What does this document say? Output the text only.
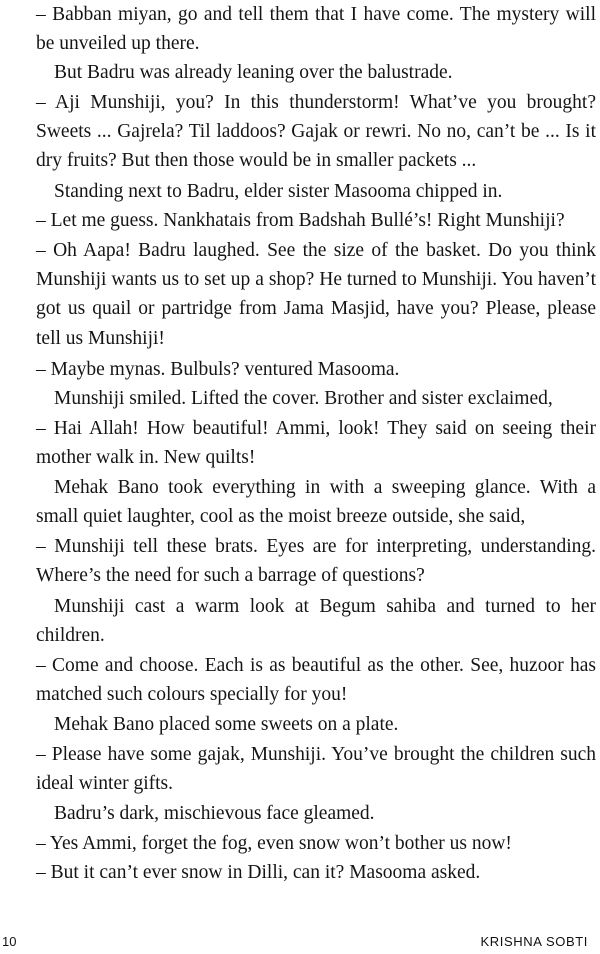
– Babban miyan, go and tell them that I have come. The mystery will be unveiled up there.

But Badru was already leaning over the balustrade.

– Aji Munshiji, you? In this thunderstorm! What’ve you brought? Sweets ... Gajrela? Til laddoos? Gajak or rewri. No no, can’t be ... Is it dry fruits? But then those would be in smaller packets ...

Standing next to Badru, elder sister Masooma chipped in.

– Let me guess. Nankhatais from Badshah Bullé’s! Right Munshiji?

– Oh Aapa! Badru laughed. See the size of the basket. Do you think Munshiji wants us to set up a shop? He turned to Munshiji. You haven’t got us quail or partridge from Jama Masjid, have you? Please, please tell us Munshiji!

– Maybe mynas. Bulbuls? ventured Masooma.

Munshiji smiled. Lifted the cover. Brother and sister exclaimed,

– Hai Allah! How beautiful! Ammi, look! They said on seeing their mother walk in. New quilts!

Mehak Bano took everything in with a sweeping glance. With a small quiet laughter, cool as the moist breeze outside, she said,

– Munshiji tell these brats. Eyes are for interpreting, understanding. Where’s the need for such a barrage of questions?

Munshiji cast a warm look at Begum sahiba and turned to her children.

– Come and choose. Each is as beautiful as the other. See, huzoor has matched such colours specially for you!

Mehak Bano placed some sweets on a plate.

– Please have some gajak, Munshiji. You’ve brought the children such ideal winter gifts.

Badru’s dark, mischievous face gleamed.

– Yes Ammi, forget the fog, even snow won’t bother us now!

– But it can’t ever snow in Dilli, can it? Masooma asked.

10	KRISHNA SOBTI
